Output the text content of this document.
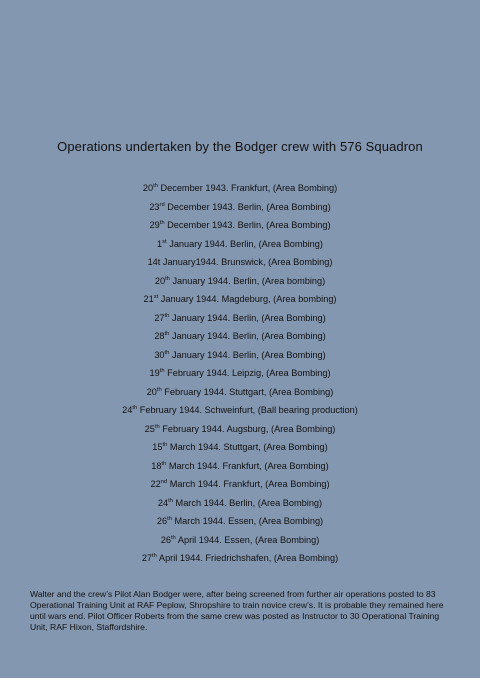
Operations undertaken by the Bodger crew with 576 Squadron
20th December 1943. Frankfurt, (Area Bombing)
23rd December 1943. Berlin, (Area Bombing)
29th December 1943. Berlin, (Area Bombing)
1st January 1944. Berlin, (Area Bombing)
14t January1944. Brunswick, (Area Bombing)
20th January 1944. Berlin, (Area bombing)
21st January 1944. Magdeburg, (Area bombing)
27th January 1944. Berlin, (Area Bombing)
28th January 1944. Berlin, (Area Bombing)
30th January 1944. Berlin, (Area Bombing)
19th February 1944. Leipzig, (Area Bombing)
20th February 1944. Stuttgart, (Area Bombing)
24th February 1944. Schweinfurt, (Ball bearing production)
25th February 1944. Augsburg, (Area Bombing)
15th March 1944. Stuttgart, (Area Bombing)
18th March 1944. Frankfurt, (Area Bombing)
22nd March 1944. Frankfurt, (Area Bombing)
24th March 1944. Berlin, (Area Bombing)
26th March 1944. Essen, (Area Bombing)
26th April 1944. Essen, (Area Bombing)
27th April 1944. Friedrichshafen, (Area Bombing)

Walter and the crew’s Pilot Alan Bodger were, after being screened from further air operations posted to 83 Operational Training Unit at RAF Peplow, Shropshire to train novice crew’s. It is probable they remained here until wars end. Pilot Officer Roberts from the same crew was posted as Instructor to 30 Operational Training Unit, RAF Hixon, Staffordshire.
